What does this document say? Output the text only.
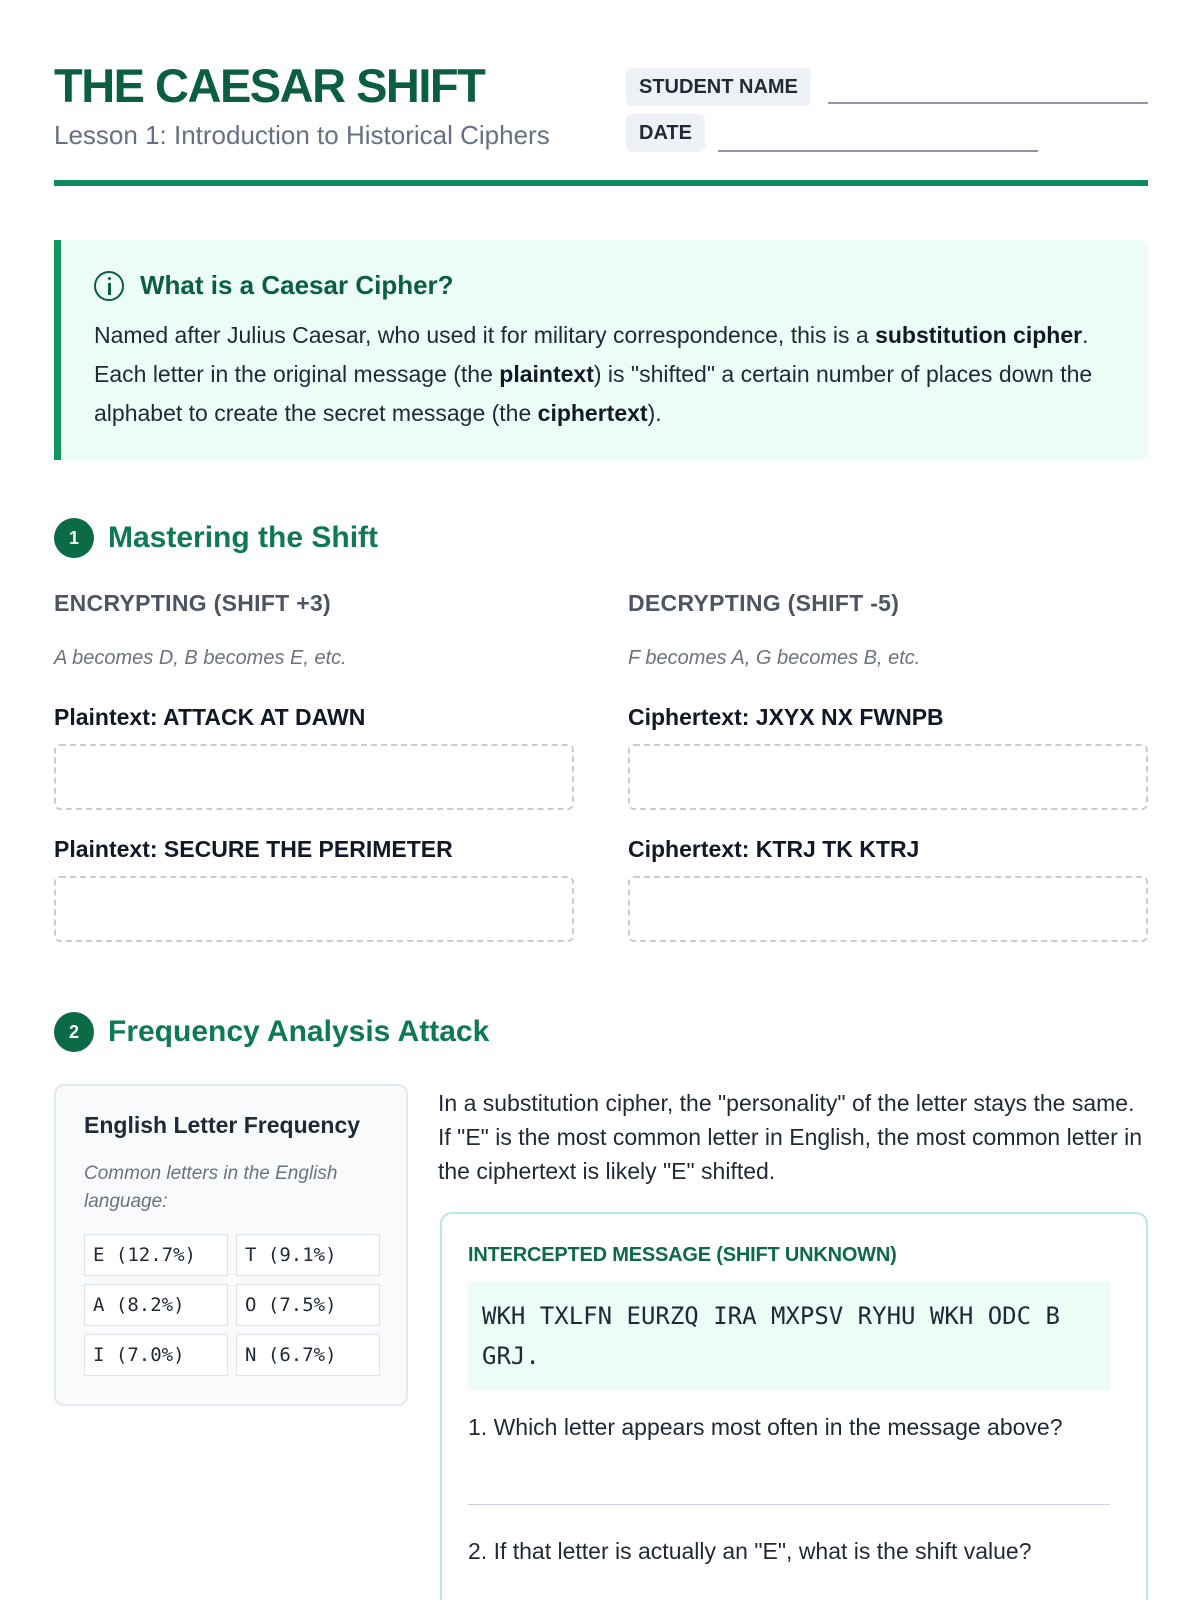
THE CAESAR SHIFT
Lesson 1: Introduction to Historical Ciphers
STUDENT NAME
DATE
What is a Caesar Cipher?
Named after Julius Caesar, who used it for military correspondence, this is a substitution cipher. Each letter in the original message (the plaintext) is "shifted" a certain number of places down the alphabet to create the secret message (the ciphertext).
1 Mastering the Shift
ENCRYPTING (SHIFT +3)
A becomes D, B becomes E, etc.
Plaintext: ATTACK AT DAWN
Plaintext: SECURE THE PERIMETER
DECRYPTING (SHIFT -5)
F becomes A, G becomes B, etc.
Ciphertext: JXYX NX FWNPB
Ciphertext: KTRJ TK KTRJ
2 Frequency Analysis Attack
English Letter Frequency
Common letters in the English language:
E (12.7%)	T (9.1%)
A (8.2%)	O (7.5%)
I (7.0%)	N (6.7%)
In a substitution cipher, the "personality" of the letter stays the same. If "E" is the most common letter in English, the most common letter in the ciphertext is likely "E" shifted.
INTERCEPTED MESSAGE (SHIFT UNKNOWN)
WKH TXLFN EURZQ IRA MXPSV RYHU WKH ODC B GRJ.
1. Which letter appears most often in the message above?
2. If that letter is actually an "E", what is the shift value?
